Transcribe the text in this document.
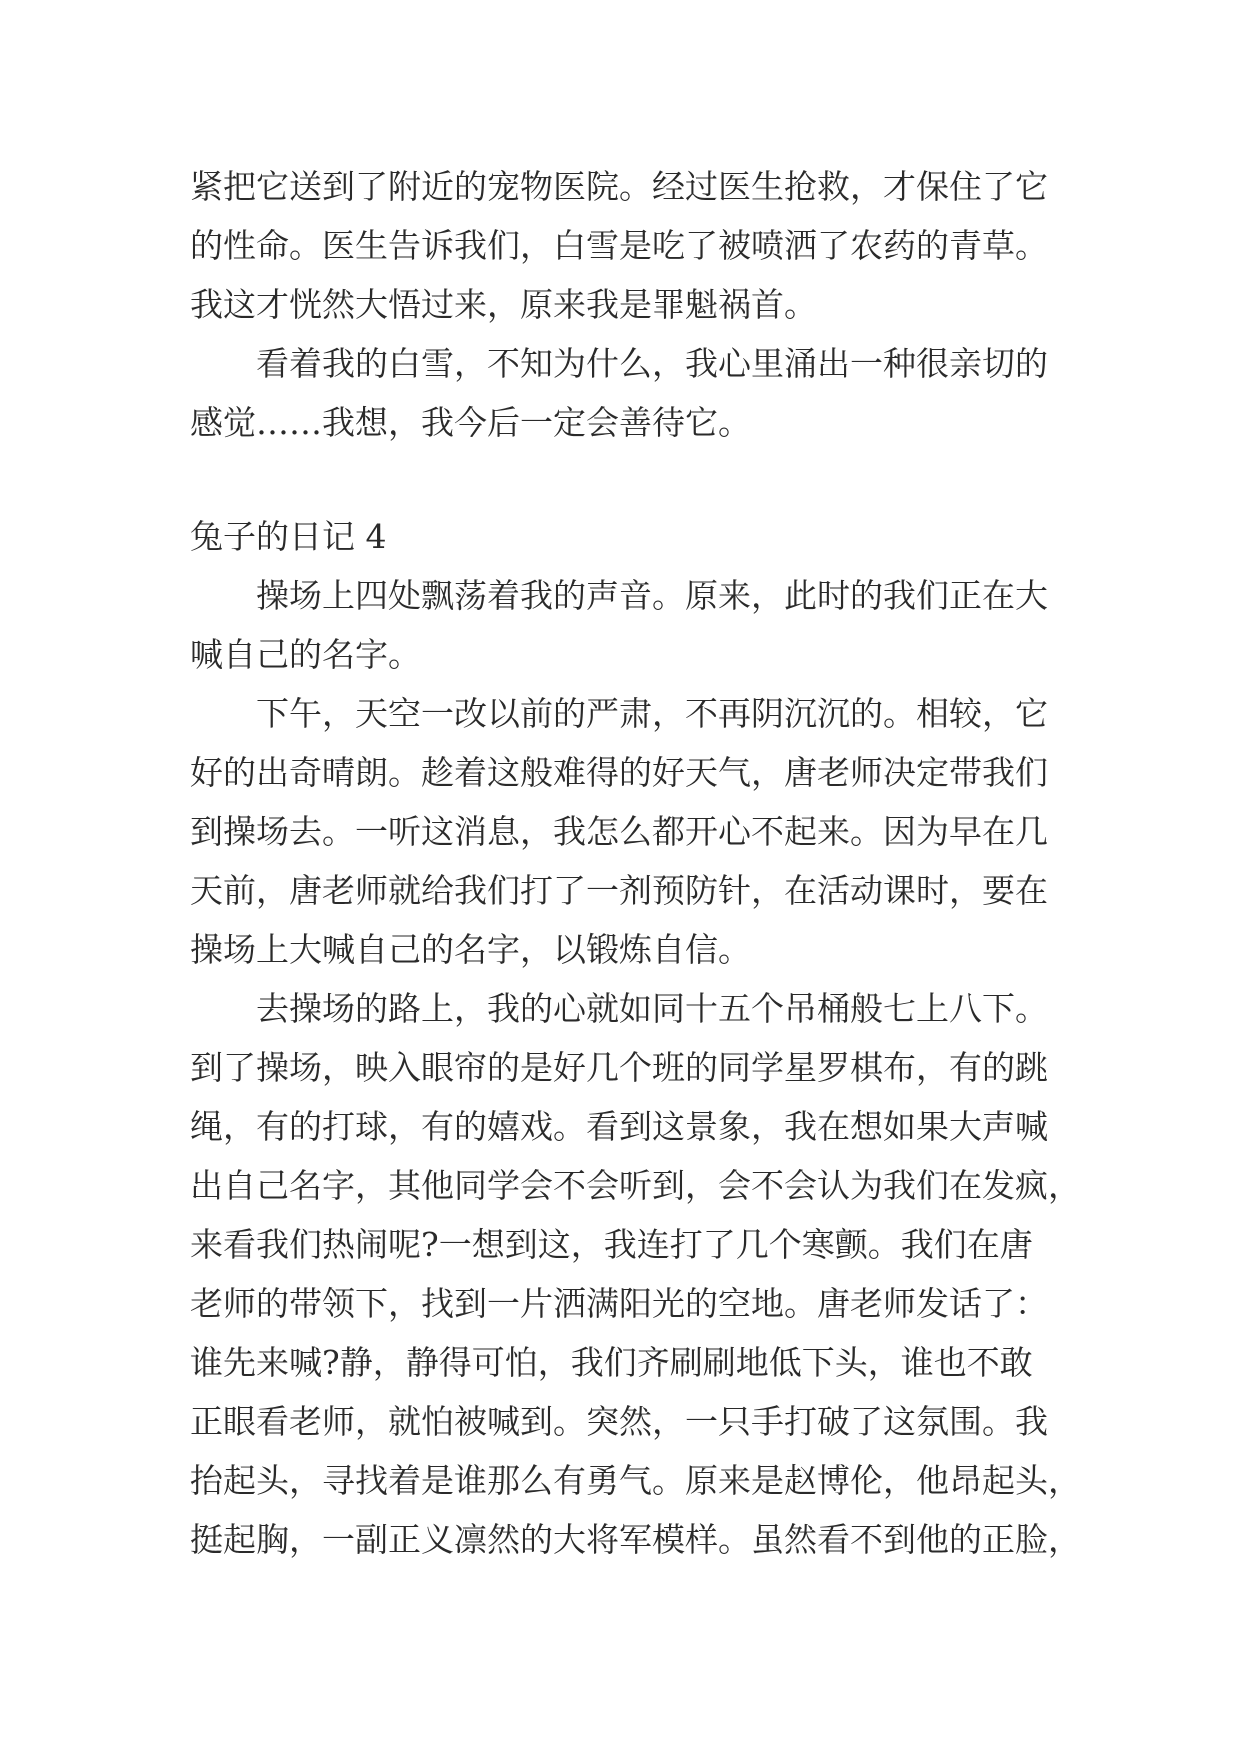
紧把它送到了附近的宠物医院。经过医生抢救，才保住了它
的性命。医生告诉我们，白雪是吃了被喷洒了农药的青草。
我这才恍然大悟过来，原来我是罪魁祸首。
看着我的白雪，不知为什么，我心里涌出一种很亲切的
感觉……我想，我今后一定会善待它。
兔子的日记 4
操场上四处飘荡着我的声音。原来，此时的我们正在大
喊自己的名字。
下午，天空一改以前的严肃，不再阴沉沉的。相较，它
好的出奇晴朗。趁着这般难得的好天气，唐老师决定带我们
到操场去。一听这消息，我怎么都开心不起来。因为早在几
天前，唐老师就给我们打了一剂预防针，在活动课时，要在
操场上大喊自己的名字，以锻炼自信。
去操场的路上，我的心就如同十五个吊桶般七上八下。
到了操场，映入眼帘的是好几个班的同学星罗棋布，有的跳
绳，有的打球，有的嬉戏。看到这景象，我在想如果大声喊
出自己名字，其他同学会不会听到，会不会认为我们在发疯，
来看我们热闹呢?一想到这，我连打了几个寒颤。我们在唐
老师的带领下，找到一片洒满阳光的空地。唐老师发话了：
谁先来喊?静，静得可怕，我们齐刷刷地低下头，谁也不敢
正眼看老师，就怕被喊到。突然，一只手打破了这氛围。我
抬起头，寻找着是谁那么有勇气。原来是赵博伦，他昂起头，
挺起胸，一副正义凛然的大将军模样。虽然看不到他的正脸，
